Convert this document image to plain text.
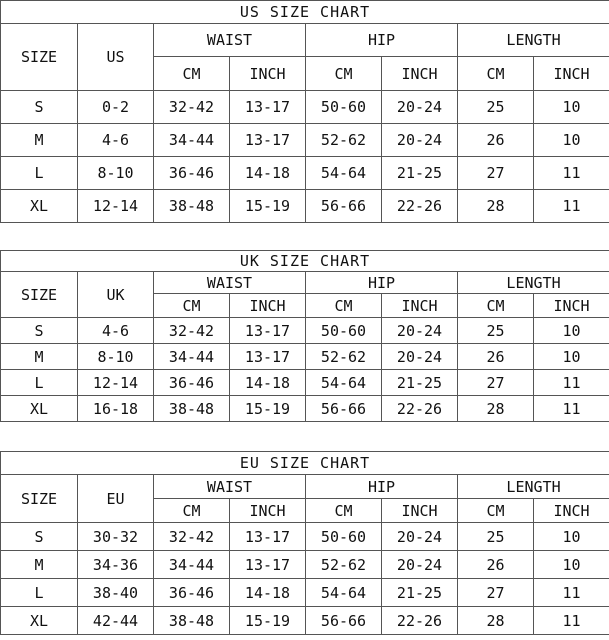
US SIZE CHART							
SIZE	US	WAIST		HIP		LENGTH	
		CM	INCH	CM	INCH	CM	INCH
S	0-2	32-42	13-17	50-60	20-24	25	10
M	4-6	34-44	13-17	52-62	20-24	26	10
L	8-10	36-46	14-18	54-64	21-25	27	11
XL	12-14	38-48	15-19	56-66	22-26	28	11
UK SIZE CHART							
SIZE	UK	WAIST		HIP		LENGTH	
		CM	INCH	CM	INCH	CM	INCH
S	4-6	32-42	13-17	50-60	20-24	25	10
M	8-10	34-44	13-17	52-62	20-24	26	10
L	12-14	36-46	14-18	54-64	21-25	27	11
XL	16-18	38-48	15-19	56-66	22-26	28	11
EU SIZE CHART							
SIZE	EU	WAIST		HIP		LENGTH	
		CM	INCH	CM	INCH	CM	INCH
S	30-32	32-42	13-17	50-60	20-24	25	10
M	34-36	34-44	13-17	52-62	20-24	26	10
L	38-40	36-46	14-18	54-64	21-25	27	11
XL	42-44	38-48	15-19	56-66	22-26	28	11
